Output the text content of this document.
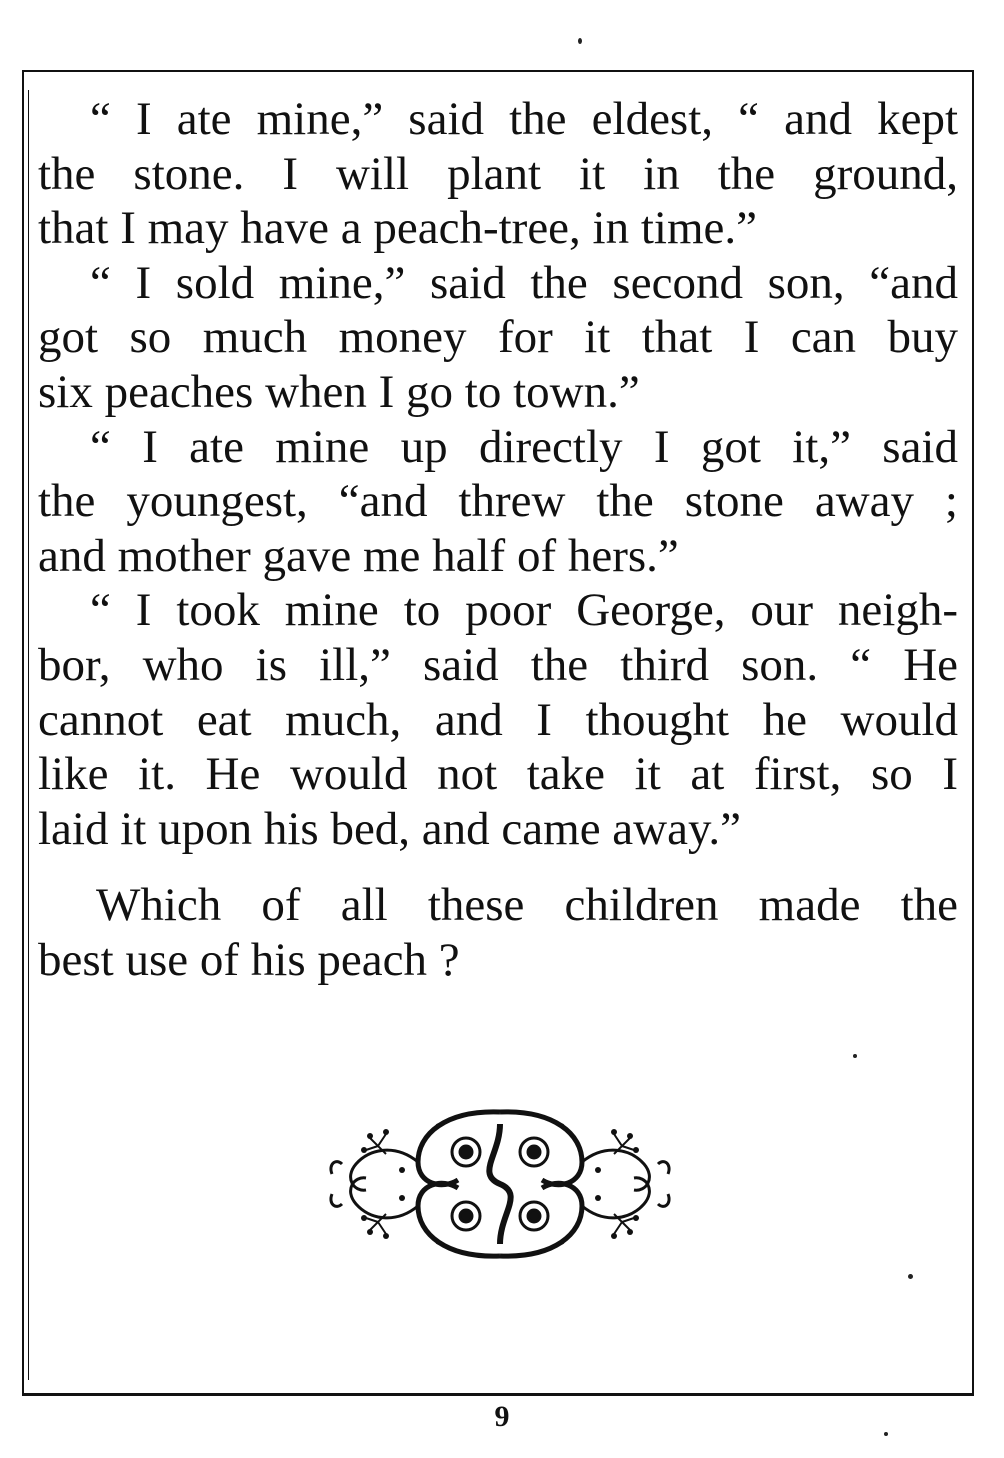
“ I ate mine,” said the eldest, “ and kept
the stone. I will plant it in the ground,
that I may have a peach-tree, in time.”
“ I sold mine,” said the second son, “and
got so much money for it that I can buy
six peaches when I go to town.”
“ I ate mine up directly I got it,” said
the youngest, “and threw the stone away ;
and mother gave me half of hers.”
“ I took mine to poor George, our neigh-
bor, who is ill,” said the third son. “ He
cannot eat much, and I thought he would
like it. He would not take it at first, so I
laid it upon his bed, and came away.”
Which of all these children made the
best use of his peach ?
9
